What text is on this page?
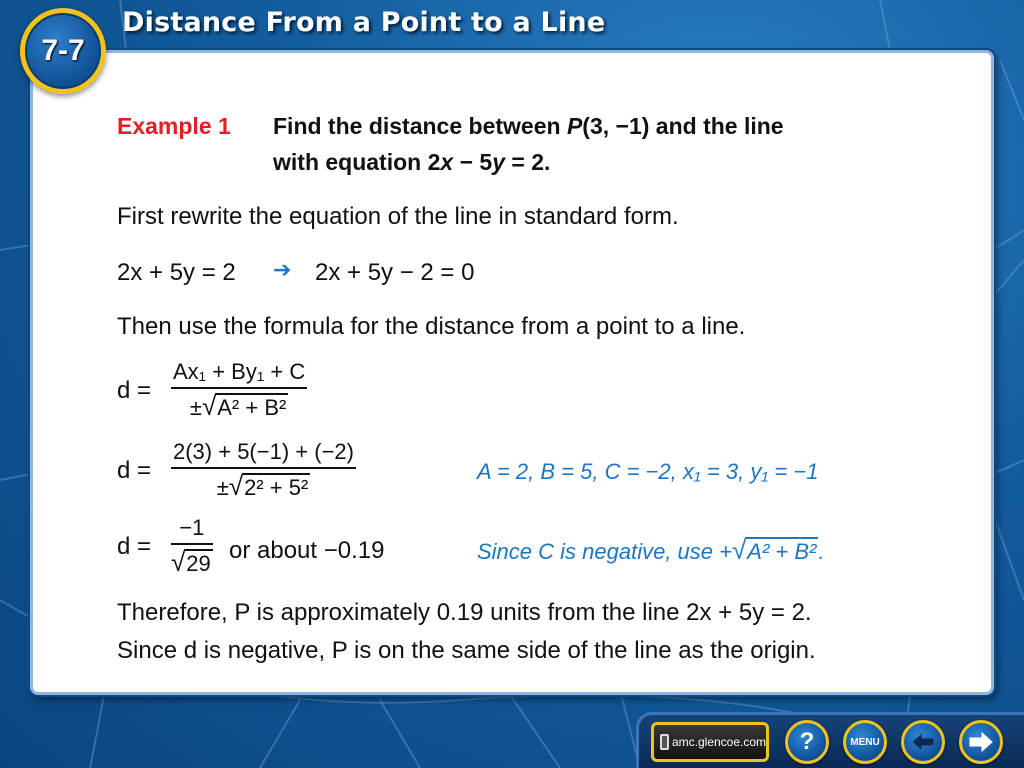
7-7
Distance From a Point to a Line
Example 1 Find the distance between P(3, −1) and the line
with equation 2x − 5y = 2.
First rewrite the equation of the line in standard form.
2x + 5y = 2 ➔ 2x + 5y − 2 = 0
Then use the formula for the distance from a point to a line.
d =
Ax₁ + By₁ + C
±√A² + B²
d =
2(3) + 5(−1) + (−2)
±√2² + 5²
A = 2, B = 5, C = −2, x₁ = 3, y₁ = −1
d =
−1
√29 or about −0.19	Since C is negative, use +√A² + B².
Therefore, P is approximately 0.19 units from the line 2x + 5y = 2.
Since d is negative, P is on the same side of the line as the origin.
amc.glencoe.com ?	MENU
